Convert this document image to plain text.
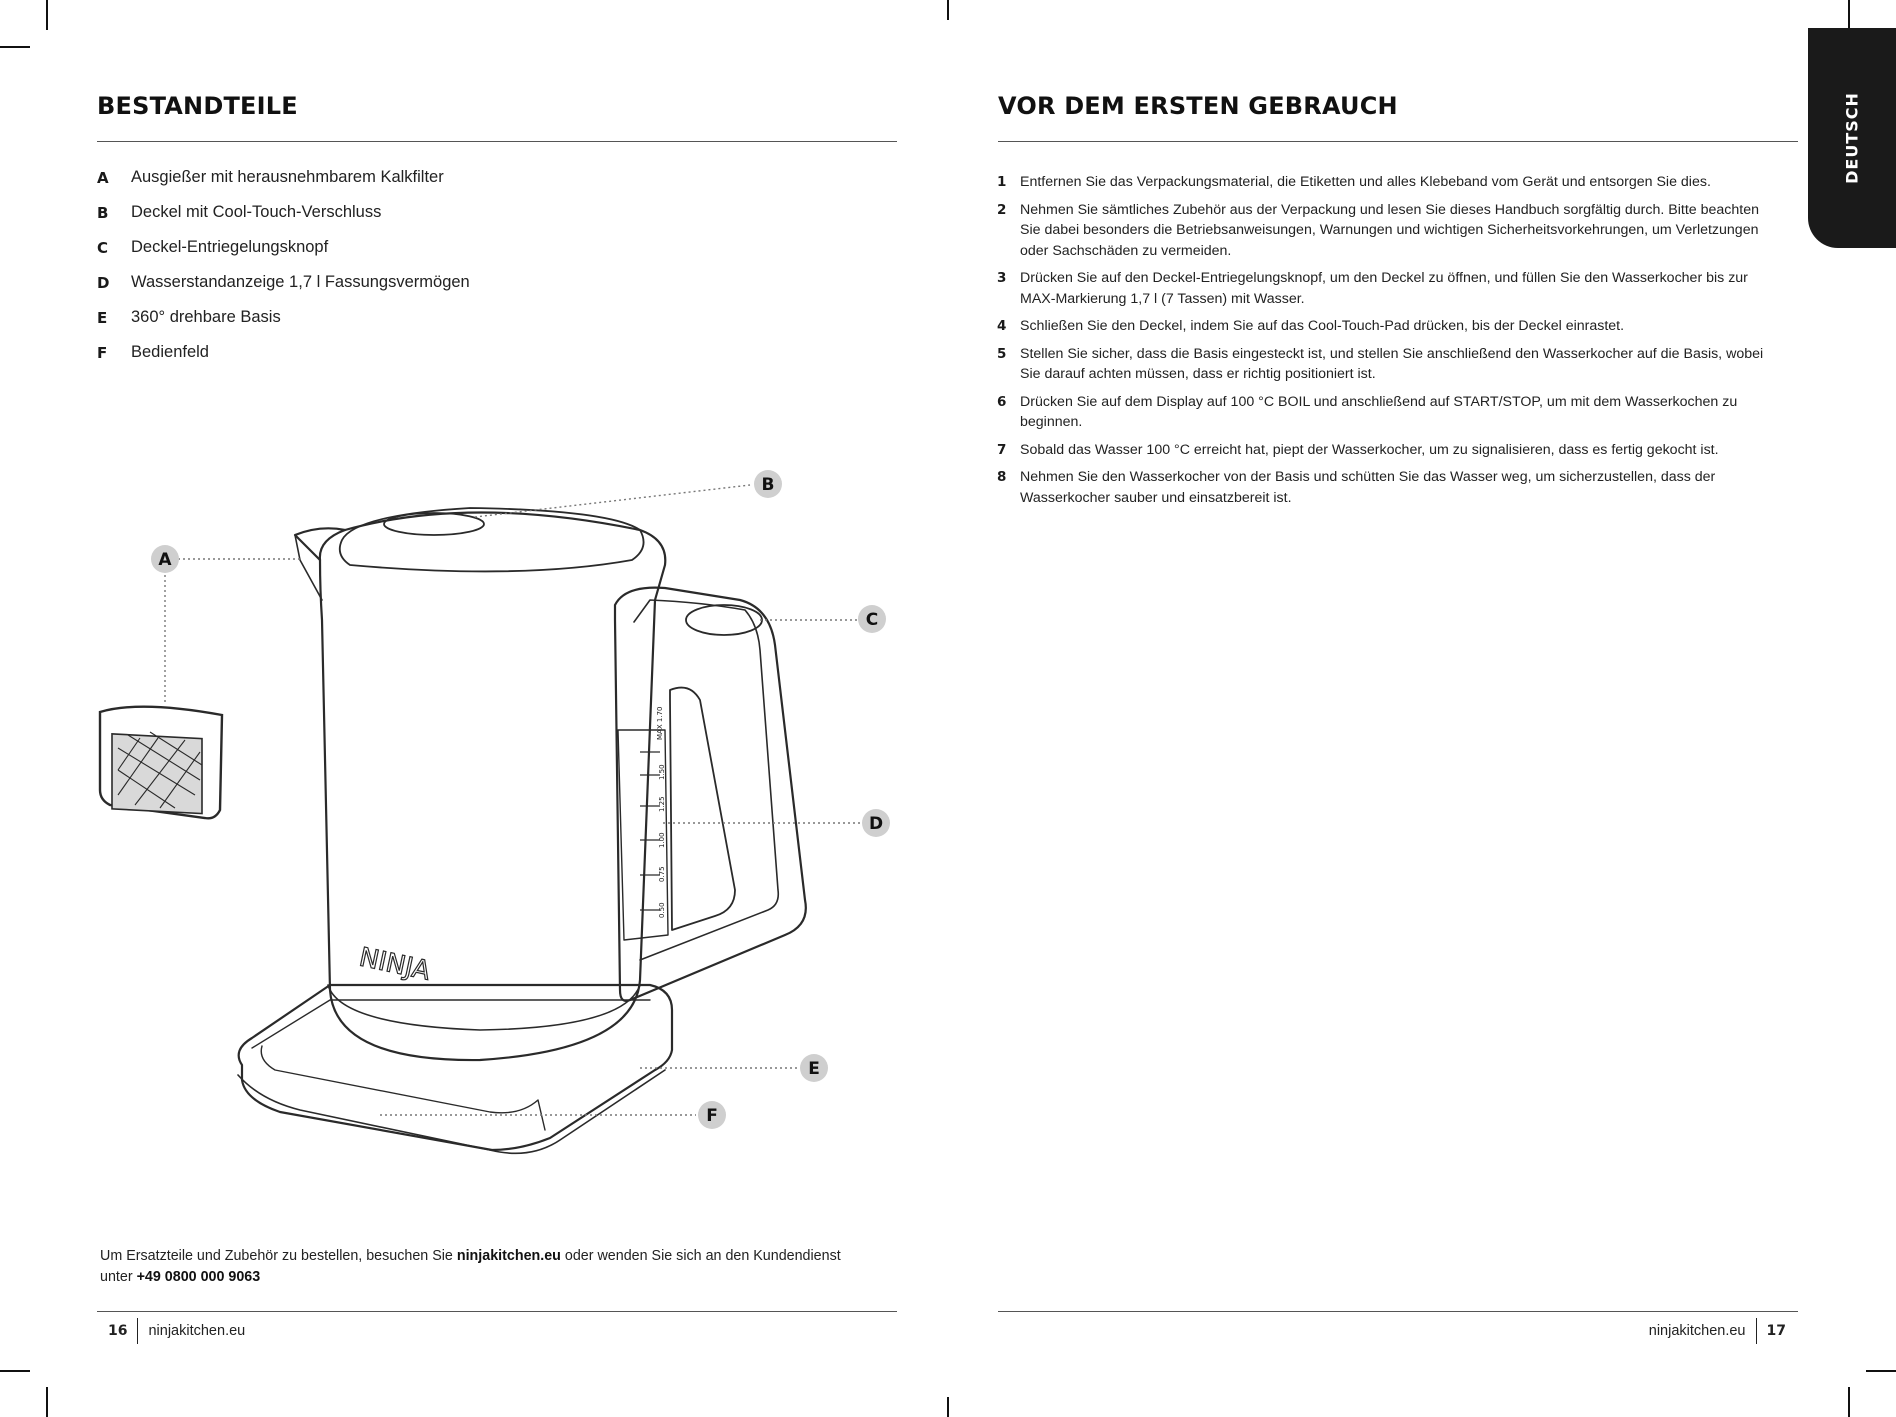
BESTANDTEILE
A	Ausgießer mit herausnehmbarem Kalkfilter
B	Deckel mit Cool-Touch-Verschluss
C	Deckel-Entriegelungsknopf
D	Wasserstandanzeige 1,7 l Fassungsvermögen
E	360° drehbare Basis
F	Bedienfeld
MAX 1.70
1.50
1.25
1.00
0.75
0.50
NINJA
A
B
C
D
E
F
Um Ersatzteile und Zubehör zu bestellen, besuchen Sie ninjakitchen.eu oder wenden Sie sich an den Kundendienst unter +49 0800 000 9063
16 ninjakitchen.eu
VOR DEM ERSTEN GEBRAUCH	DEUTSCH
1 Entfernen Sie das Verpackungsmaterial, die Etiketten und alles Klebeband vom Gerät und entsorgen Sie dies.
2 Nehmen Sie sämtliches Zubehör aus der Verpackung und lesen Sie dieses Handbuch sorgfältig durch. Bitte beachten Sie dabei besonders die Betriebsanweisungen, Warnungen und wichtigen Sicherheitsvorkehrungen, um Verletzungen oder Sachschäden zu vermeiden.
3 Drücken Sie auf den Deckel-Entriegelungsknopf, um den Deckel zu öffnen, und füllen Sie den Wasserkocher bis zur MAX-Markierung 1,7 l (7 Tassen) mit Wasser.
4 Schließen Sie den Deckel, indem Sie auf das Cool-Touch-Pad drücken, bis der Deckel einrastet.
5 Stellen Sie sicher, dass die Basis eingesteckt ist, und stellen Sie anschließend den Wasserkocher auf die Basis, wobei Sie darauf achten müssen, dass er richtig positioniert ist.
6 Drücken Sie auf dem Display auf 100 °C BOIL und anschließend auf START/STOP, um mit dem Wasserkochen zu beginnen.
7 Sobald das Wasser 100 °C erreicht hat, piept der Wasserkocher, um zu signalisieren, dass es fertig gekocht ist.
8 Nehmen Sie den Wasserkocher von der Basis und schütten Sie das Wasser weg, um sicherzustellen, dass der Wasserkocher sauber und einsatzbereit ist.
ninjakitchen.eu 17
